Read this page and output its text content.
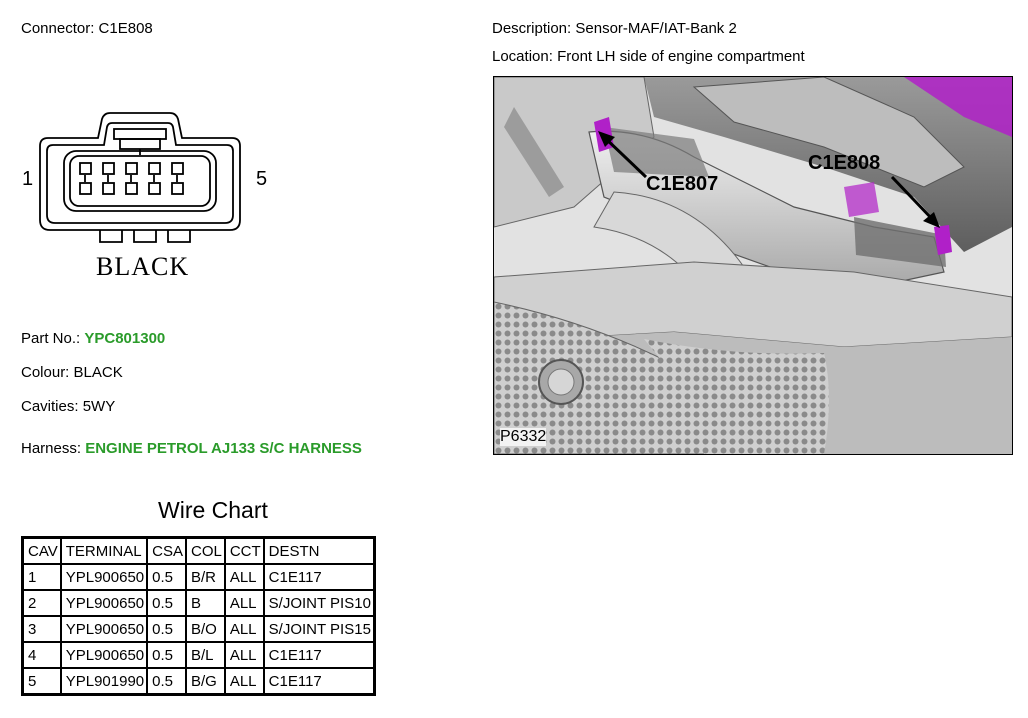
Connector: C1E808	Description: Sensor-MAF/IAT-Bank 2
Location: Front LH side of engine compartment
1	5
BLACK
Part No.: YPC801300
Colour: BLACK
Cavities: 5WY
Harness: ENGINE PETROL AJ133 S/C HARNESS
C1E807
C1E808
P6332
Wire Chart
CAV	TERMINAL	CSA	COL	CCT	DESTN
1	YPL900650	0.5	B/R	ALL	C1E117
2	YPL900650	0.5	B	ALL	S/JOINT PIS10
3	YPL900650	0.5	B/O	ALL	S/JOINT PIS15
4	YPL900650	0.5	B/L	ALL	C1E117
5	YPL901990	0.5	B/G	ALL	C1E117
